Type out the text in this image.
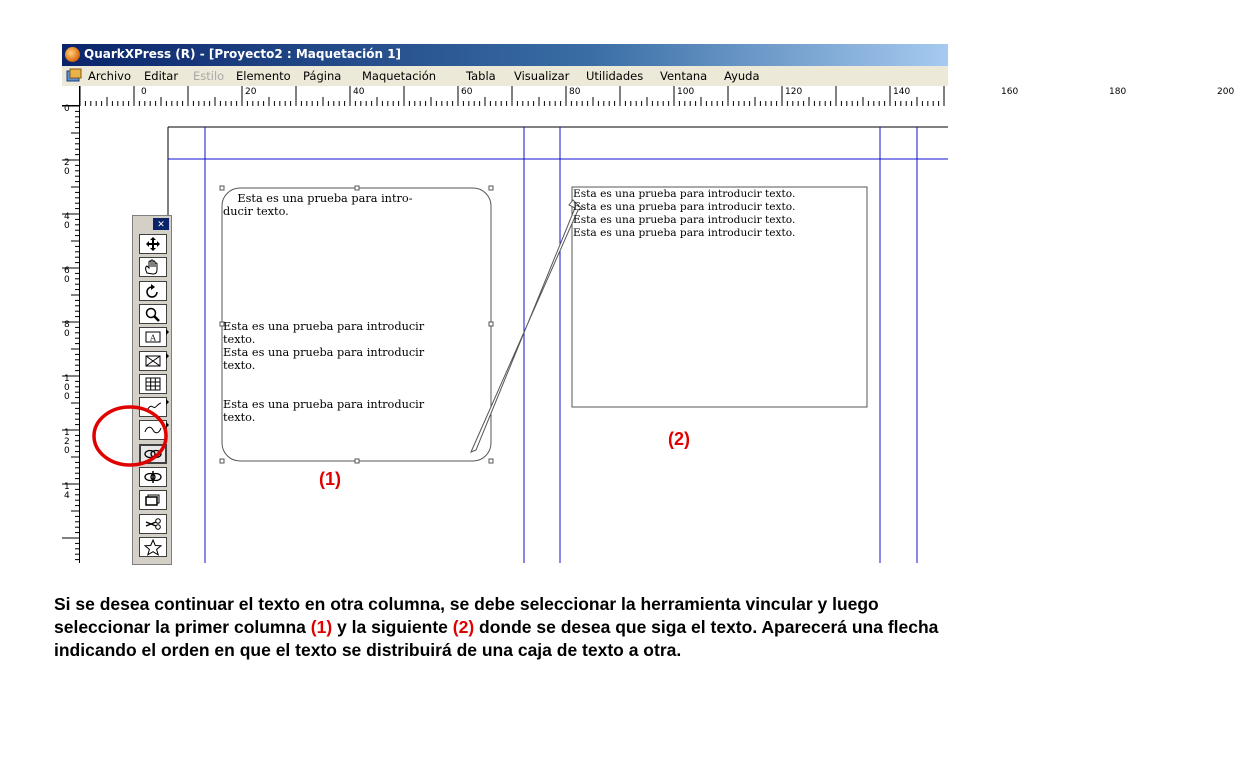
QuarkXPress (R) - [Proyecto2 : Maquetación 1]
Archivo Editar Estilo Elemento Página Maquetación	Tabla Visualizar Utilidades Ventana Ayuda
0	20	40	60	80	100	120	140	160	180	200
0
2
0
4
0
6
0
8
0
1
0
0
1
2
0
1
4
Esta es una prueba para intro-
ducir texto.
Esta es una prueba para introducir
texto.
Esta es una prueba para introducir
texto.
Esta es una prueba para introducir
texto.
Esta es una prueba para introducir texto.
Esta es una prueba para introducir texto.
Esta es una prueba para introducir texto.
Esta es una prueba para introducir texto.
(1)
(2)
✕
A
Si se desea continuar el texto en otra columna, se debe seleccionar la herramienta vincular y luego seleccionar la primer columna (1) y la siguiente (2) donde se desea que siga el texto. Aparecerá una flecha indicando el orden en que el texto se distribuirá de una caja de texto a otra.
